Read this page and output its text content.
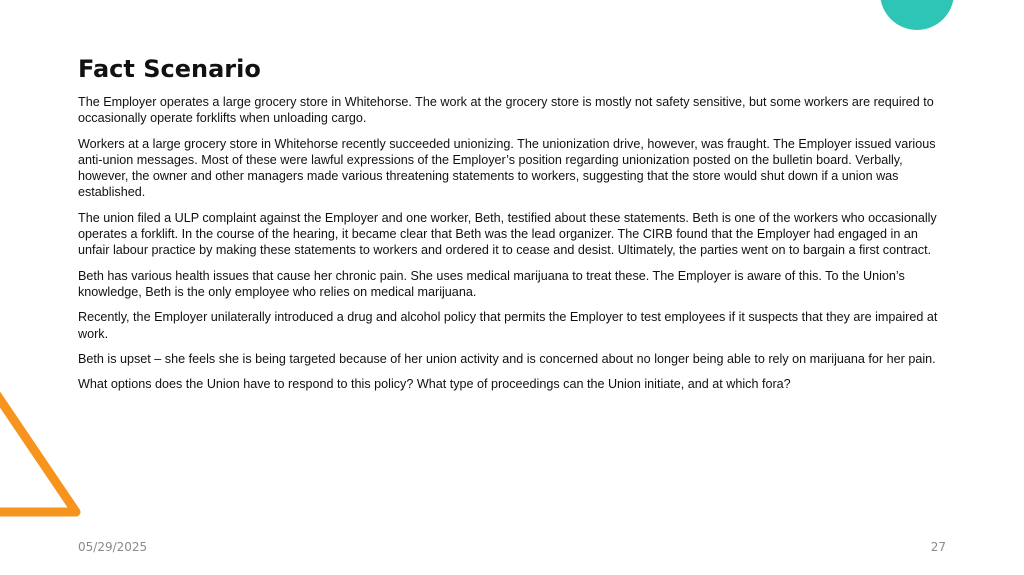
Fact Scenario

The Employer operates a large grocery store in Whitehorse. The work at the grocery store is mostly not safety sensitive, but some workers are required to occasionally operate forklifts when unloading cargo.

Workers at a large grocery store in Whitehorse recently succeeded unionizing. The unionization drive, however, was fraught. The Employer issued various anti-union messages. Most of these were lawful expressions of the Employer’s position regarding unionization posted on the bulletin board. Verbally, however, the owner and other managers made various threatening statements to workers, suggesting that the store would shut down if a union was established.

The union filed a ULP complaint against the Employer and one worker, Beth, testified about these statements. Beth is one of the workers who occasionally operates a forklift. In the course of the hearing, it became clear that Beth was the lead organizer. The CIRB found that the Employer had engaged in an unfair labour practice by making these statements to workers and ordered it to cease and desist. Ultimately, the parties went on to bargain a first contract.

Beth has various health issues that cause her chronic pain. She uses medical marijuana to treat these. The Employer is aware of this. To the Union’s knowledge, Beth is the only employee who relies on medical marijuana.

Recently, the Employer unilaterally introduced a drug and alcohol policy that permits the Employer to test employees if it suspects that they are impaired at work.

Beth is upset – she feels she is being targeted because of her union activity and is concerned about no longer being able to rely on marijuana for her pain.

What options does the Union have to respond to this policy? What type of proceedings can the Union initiate, and at which fora?

05/29/2025	27
